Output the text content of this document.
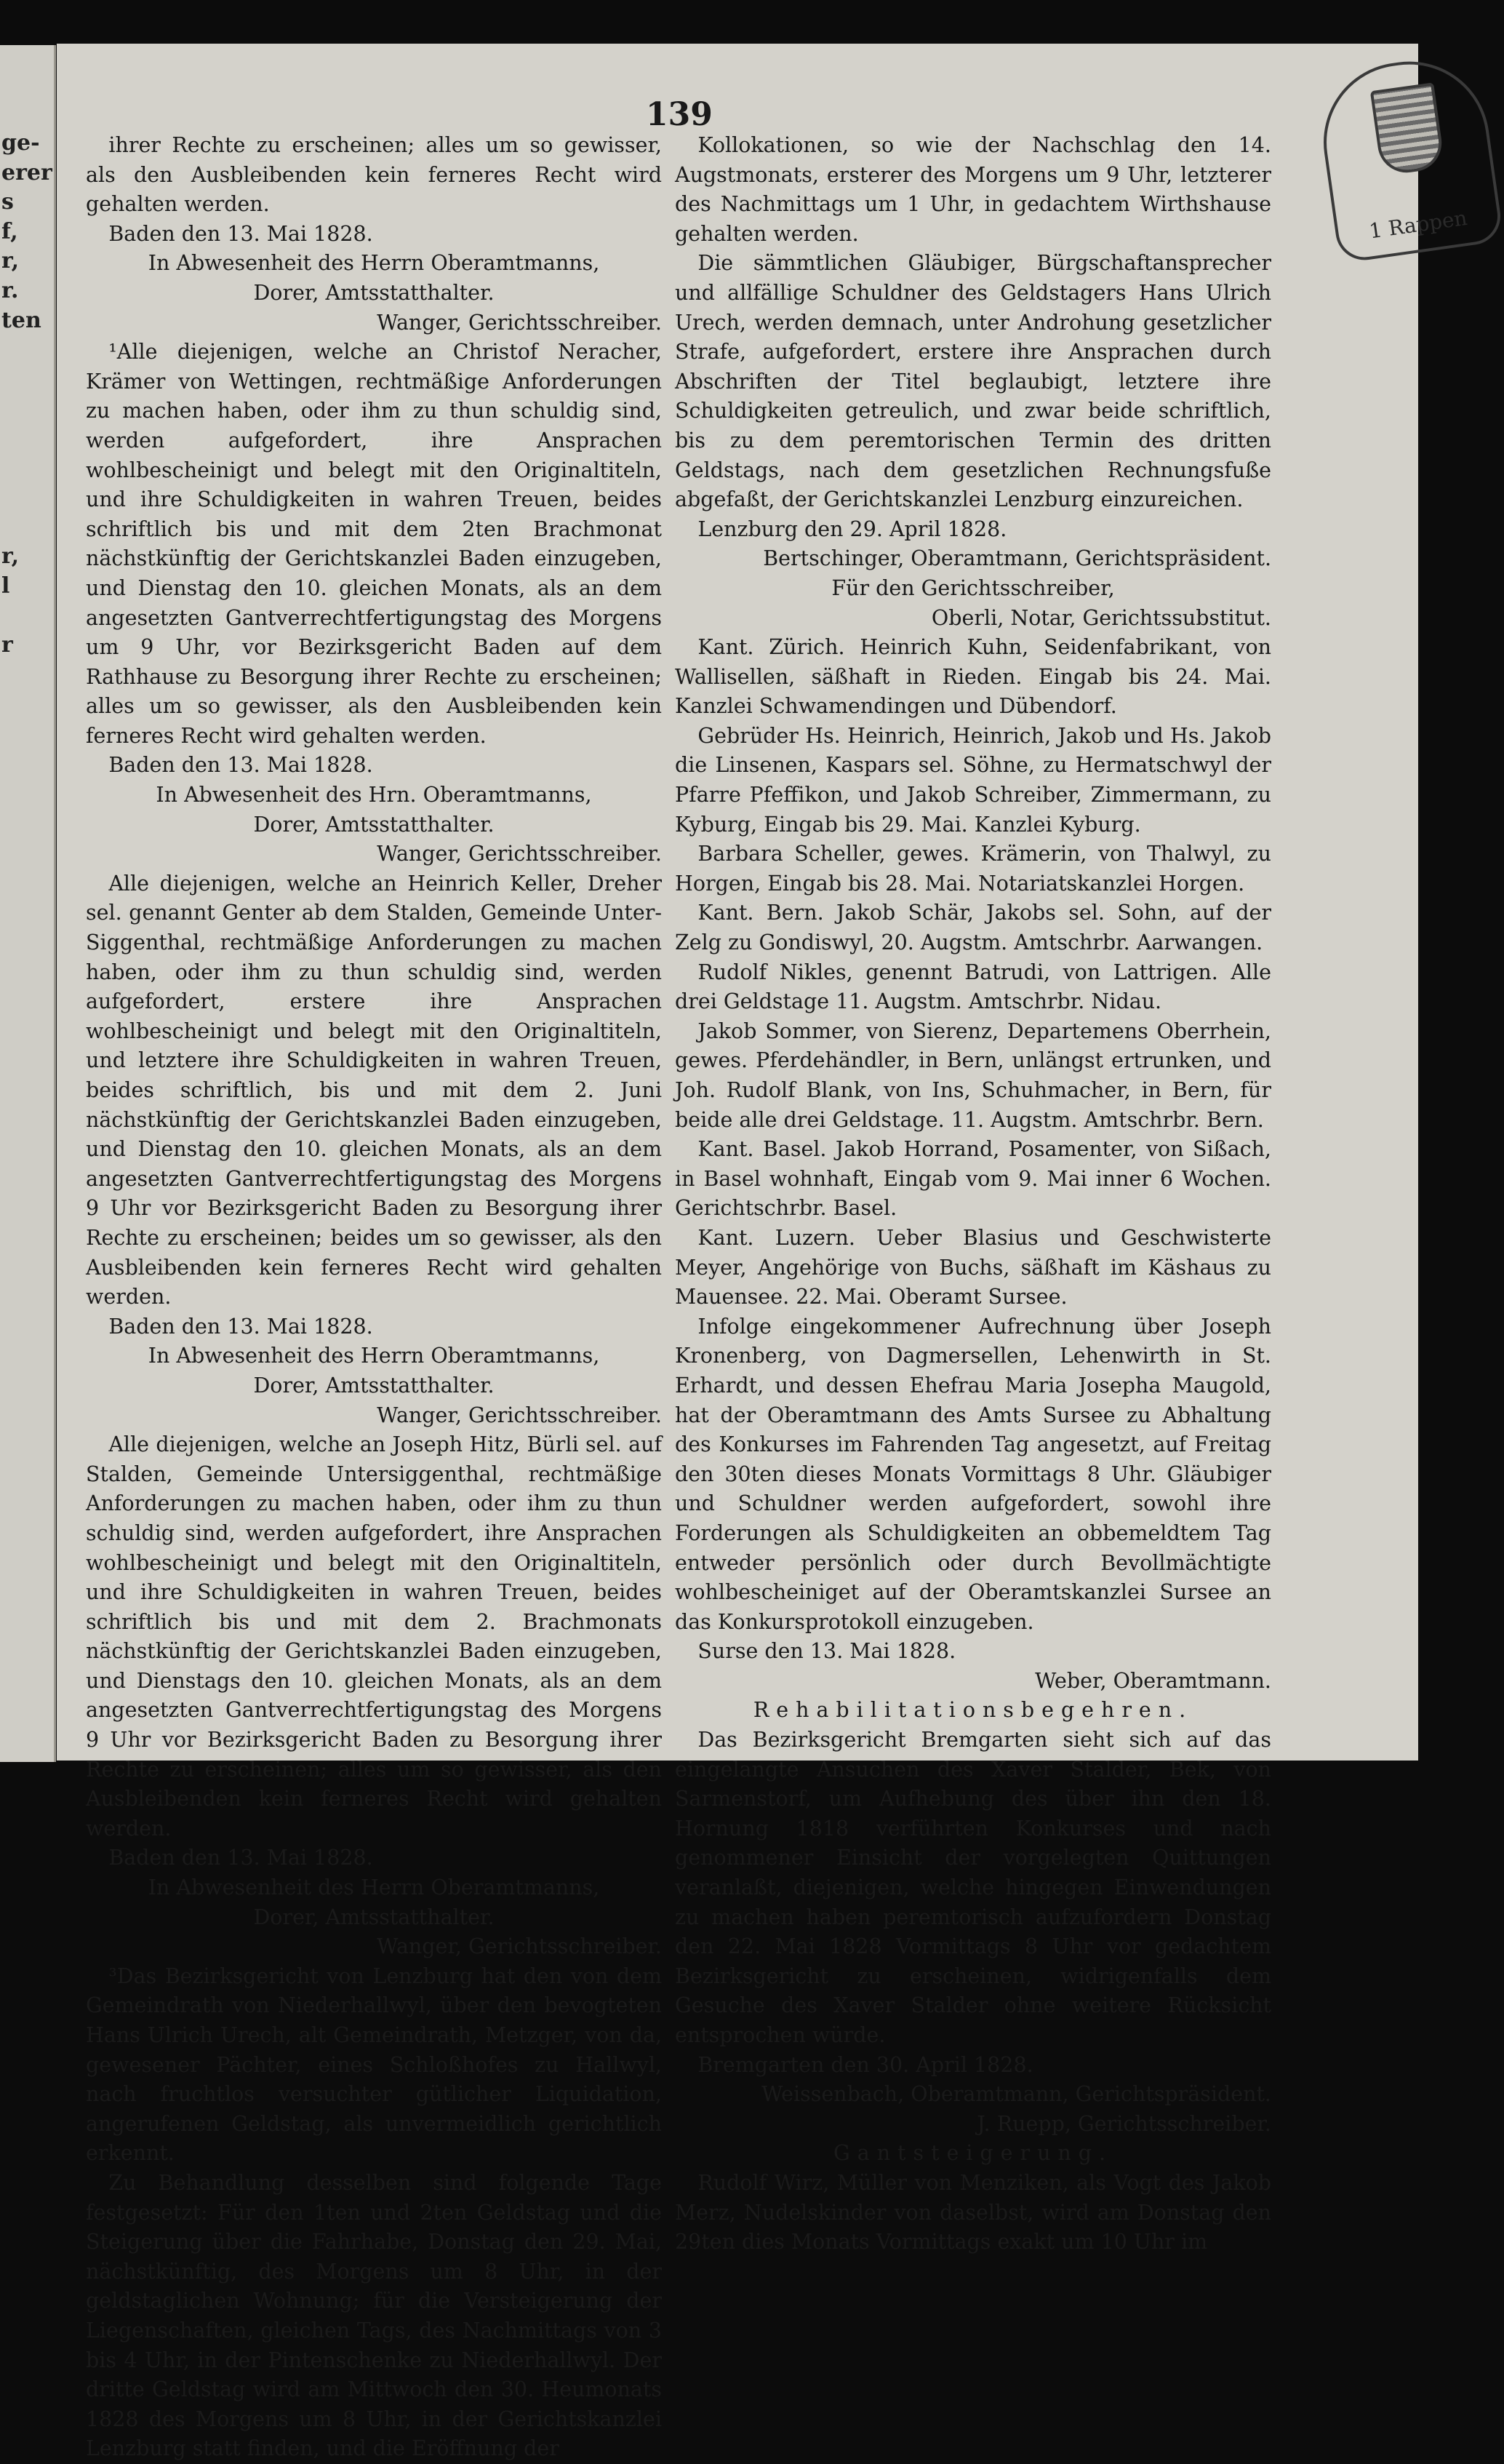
ge-
erer
s
f,
r,
r.
ten
r,
l
r
1 Rappen
139

ihrer Rechte zu erscheinen; alles um so gewisser, als den Ausbleibenden kein ferneres Recht wird gehalten werden.

Baden den 13. Mai 1828.

In Abwesenheit des Herrn Oberamtmanns,

Dorer, Amtsstatthalter.

Wanger, Gerichtsschreiber.

¹Alle diejenigen, welche an Christof Neracher, Krämer von Wettingen, rechtmäßige Anforderungen zu machen haben, oder ihm zu thun schuldig sind, werden aufgefordert, ihre Ansprachen wohlbescheinigt und belegt mit den Originaltiteln, und ihre Schuldigkeiten in wahren Treuen, beides schriftlich bis und mit dem 2ten Brachmonat nächstkünftig der Gerichtskanzlei Baden einzugeben, und Dienstag den 10. gleichen Monats, als an dem angesetzten Gantverrechtfertigungstag des Morgens um 9 Uhr, vor Bezirksgericht Baden auf dem Rathhause zu Besorgung ihrer Rechte zu erscheinen; alles um so gewisser, als den Ausbleibenden kein ferneres Recht wird gehalten werden.

Baden den 13. Mai 1828.

In Abwesenheit des Hrn. Oberamtmanns,

Dorer, Amtsstatthalter.

Wanger, Gerichtsschreiber.

Alle diejenigen, welche an Heinrich Keller, Dreher sel. genannt Genter ab dem Stalden, Gemeinde Unter-Siggenthal, rechtmäßige Anforderungen zu machen haben, oder ihm zu thun schuldig sind, werden aufgefordert, erstere ihre Ansprachen wohlbescheinigt und belegt mit den Originaltiteln, und letztere ihre Schuldigkeiten in wahren Treuen, beides schriftlich, bis und mit dem 2. Juni nächstkünftig der Gerichtskanzlei Baden einzugeben, und Dienstag den 10. gleichen Monats, als an dem angesetzten Gantverrechtfertigungstag des Morgens 9 Uhr vor Bezirksgericht Baden zu Besorgung ihrer Rechte zu erscheinen; beides um so gewisser, als den Ausbleibenden kein ferneres Recht wird gehalten werden.

Baden den 13. Mai 1828.

In Abwesenheit des Herrn Oberamtmanns,

Dorer, Amtsstatthalter.

Wanger, Gerichtsschreiber.

Alle diejenigen, welche an Joseph Hitz, Bürli sel. auf Stalden, Gemeinde Untersiggenthal, rechtmäßige Anforderungen zu machen haben, oder ihm zu thun schuldig sind, werden aufgefordert, ihre Ansprachen wohlbescheinigt und belegt mit den Originaltiteln, und ihre Schuldigkeiten in wahren Treuen, beides schriftlich bis und mit dem 2. Brachmonats nächstkünftig der Gerichtskanzlei Baden einzugeben, und Dienstags den 10. gleichen Monats, als an dem angesetzten Gantverrechtfertigungstag des Morgens 9 Uhr vor Bezirksgericht Baden zu Besorgung ihrer Rechte zu erscheinen; alles um so gewisser, als den Ausbleibenden kein ferneres Recht wird gehalten werden.

Baden den 13. Mai 1828.

In Abwesenheit des Herrn Oberamtmanns,

Dorer, Amtsstatthalter.

Wanger, Gerichtsschreiber.

³Das Bezirksgericht von Lenzburg hat den von dem Gemeindrath von Niederhallwyl, über den bevogteten Hans Ulrich Urech, alt Gemeindrath, Metzger, von da, gewesener Pächter, eines Schloßhofes zu Hallwyl, nach fruchtlos versuchter gütlicher Liquidation, angerufenen Geldstag, als unvermeidlich gerichtlich erkennt.

Zu Behandlung desselben sind folgende Tage festgesetzt: Für den 1ten und 2ten Geldstag und die Steigerung über die Fahrhabe, Donstag den 29. Mai, nächstkünftig, des Morgens um 8 Uhr, in der geldstaglichen Wohnung; für die Versteigerung der Liegenschaften, gleichen Tags, des Nachmittags von 3 bis 4 Uhr, in der Pintenschenke zu Niederhallwyl. Der dritte Geldstag wird am Mittwoch den 30. Heumonats 1828 des Morgens um 8 Uhr, in der Gerichtskanzlei Lenzburg statt finden, und die Eröffnung der

Kollokationen, so wie der Nachschlag den 14. Augstmonats, ersterer des Morgens um 9 Uhr, letzterer des Nachmittags um 1 Uhr, in gedachtem Wirthshause gehalten werden.

Die sämmtlichen Gläubiger, Bürgschaftansprecher und allfällige Schuldner des Geldstagers Hans Ulrich Urech, werden demnach, unter Androhung gesetzlicher Strafe, aufgefordert, erstere ihre Ansprachen durch Abschriften der Titel beglaubigt, letztere ihre Schuldigkeiten getreulich, und zwar beide schriftlich, bis zu dem peremtorischen Termin des dritten Geldstags, nach dem gesetzlichen Rechnungsfuße abgefaßt, der Gerichtskanzlei Lenzburg einzureichen.

Lenzburg den 29. April 1828.

Bertschinger, Oberamtmann, Gerichtspräsident.

Für den Gerichtsschreiber,

Oberli, Notar, Gerichtssubstitut.

Kant. Zürich. Heinrich Kuhn, Seidenfabrikant, von Wallisellen, säßhaft in Rieden. Eingab bis 24. Mai. Kanzlei Schwamendingen und Dübendorf.

Gebrüder Hs. Heinrich, Heinrich, Jakob und Hs. Jakob die Linsenen, Kaspars sel. Söhne, zu Hermatschwyl der Pfarre Pfeffikon, und Jakob Schreiber, Zimmermann, zu Kyburg, Eingab bis 29. Mai. Kanzlei Kyburg.

Barbara Scheller, gewes. Krämerin, von Thalwyl, zu Horgen, Eingab bis 28. Mai. Notariatskanzlei Horgen.

Kant. Bern. Jakob Schär, Jakobs sel. Sohn, auf der Zelg zu Gondiswyl, 20. Augstm. Amtschrbr. Aarwangen.

Rudolf Nikles, genennt Batrudi, von Lattrigen. Alle drei Geldstage 11. Augstm. Amtschrbr. Nidau.

Jakob Sommer, von Sierenz, Departemens Oberrhein, gewes. Pferdehändler, in Bern, unlängst ertrunken, und Joh. Rudolf Blank, von Ins, Schuhmacher, in Bern, für beide alle drei Geldstage. 11. Augstm. Amtschrbr. Bern.

Kant. Basel. Jakob Horrand, Posamenter, von Sißach, in Basel wohnhaft, Eingab vom 9. Mai inner 6 Wochen. Gerichtschrbr. Basel.

Kant. Luzern. Ueber Blasius und Geschwisterte Meyer, Angehörige von Buchs, säßhaft im Käshaus zu Mauensee. 22. Mai. Oberamt Sursee.

Infolge eingekommener Aufrechnung über Joseph Kronenberg, von Dagmersellen, Lehenwirth in St. Erhardt, und dessen Ehefrau Maria Josepha Maugold, hat der Oberamtmann des Amts Sursee zu Abhaltung des Konkurses im Fahrenden Tag angesetzt, auf Freitag den 30ten dieses Monats Vormittags 8 Uhr. Gläubiger und Schuldner werden aufgefordert, sowohl ihre Forderungen als Schuldigkeiten an obbemeldtem Tag entweder persönlich oder durch Bevollmächtigte wohlbescheiniget auf der Oberamtskanzlei Sursee an das Konkursprotokoll einzugeben.

Surse den 13. Mai 1828.

Weber, Oberamtmann.

Rehabilitationsbegehren.

Das Bezirksgericht Bremgarten sieht sich auf das eingelangte Ansuchen des Xaver Stalder, Bek, von Sarmenstorf, um Aufhebung des über ihn den 18. Hornung 1818 verführten Konkurses und nach genommener Einsicht der vorgelegten Quittungen veranlaßt, diejenigen, welche hingegen Einwendungen zu machen haben peremtorisch aufzufordern Donstag den 22. Mai 1828 Vormittags 8 Uhr vor gedachtem Bezirksgericht zu erscheinen, widrigenfalls dem Gesuche des Xaver Stalder ohne weitere Rücksicht entsprochen würde.

Bremgarten den 30. April 1828.

Weissenbach, Oberamtmann, Gerichtspräsident.

J. Ruepp, Gerichtsschreiber.

Gantsteigerung.

Rudolf Wirz, Müller von Menziken, als Vogt des Jakob Merz, Nudelskinder von daselbst, wird am Donstag den 29ten dies Monats Vormittags exakt um 10 Uhr im
